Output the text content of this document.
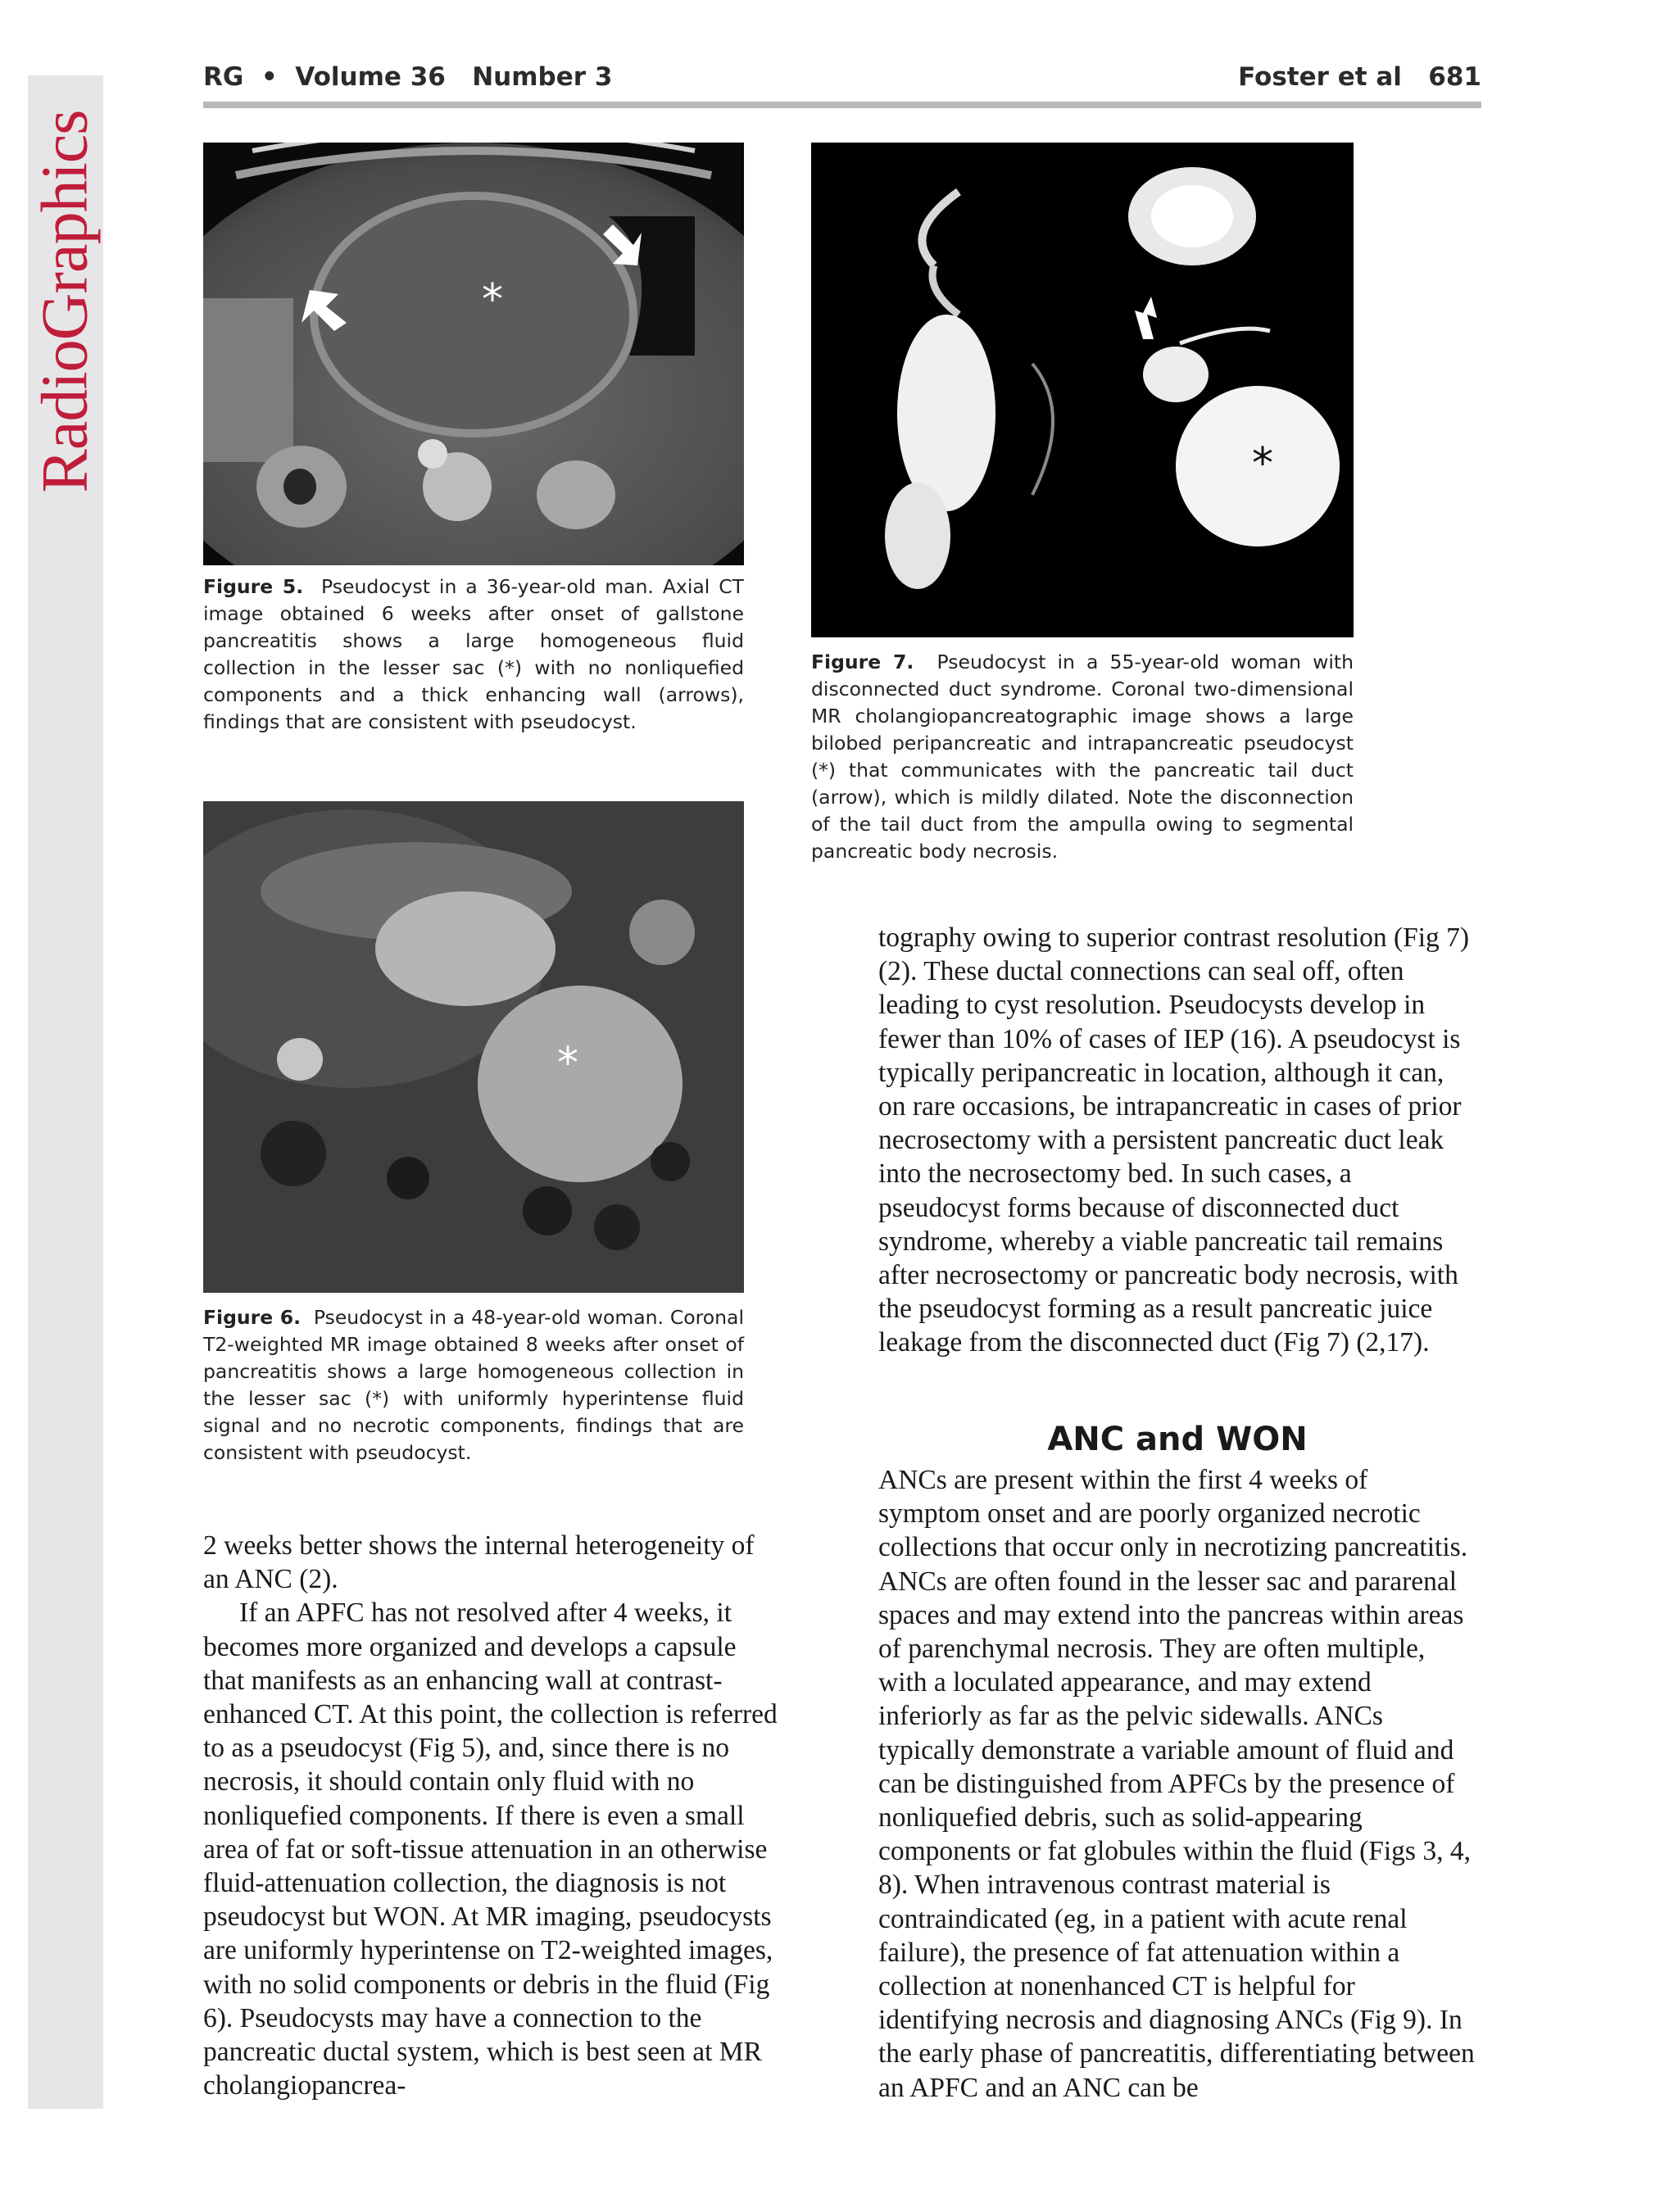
RadioGraphics
RG  •  Volume 36   Number 3	Foster et al   681
*
Figure 5. Pseudocyst in a 36-year-old man. Axial CT image obtained 6 weeks after onset of gallstone pancreatitis shows a large homogeneous fluid collection in the lesser sac (*) with no nonliquefied components and a thick enhancing wall (arrows), findings that are consistent with pseudocyst.
*
Figure 7. Pseudocyst in a 55-year-old woman with disconnected duct syndrome. Coronal two-dimensional MR cholangiopancreatographic image shows a large bilobed peripancreatic and intrapancreatic pseudocyst (*) that communicates with the pancreatic tail duct (arrow), which is mildly dilated. Note the disconnection of the tail duct from the ampulla owing to segmental pancreatic body necrosis.
*
Figure 6. Pseudocyst in a 48-year-old woman. Coronal T2-weighted MR image obtained 8 weeks after onset of pancreatitis shows a large homogeneous collection in the lesser sac (*) with uniformly hyperintense fluid signal and no necrotic components, findings that are consistent with pseudocyst.

2 weeks better shows the internal heterogeneity of an ANC (2).

If an APFC has not resolved after 4 weeks, it becomes more organized and develops a capsule that manifests as an enhancing wall at contrast-enhanced CT. At this point, the collection is referred to as a pseudocyst (Fig 5), and, since there is no necrosis, it should contain only fluid with no nonliquefied components. If there is even a small area of fat or soft-tissue attenuation in an otherwise fluid-attenuation collection, the diagnosis is not pseudocyst but WON. At MR imaging, pseudocysts are uniformly hyperintense on T2-weighted images, with no solid components or debris in the fluid (Fig 6). Pseudocysts may have a connection to the pancreatic ductal system, which is best seen at MR cholangiopancrea-

tography owing to superior contrast resolution (Fig 7) (2). These ductal connections can seal off, often leading to cyst resolution. Pseudocysts develop in fewer than 10% of cases of IEP (16). A pseudocyst is typically peripancreatic in location, although it can, on rare occasions, be intrapancreatic in cases of prior necrosectomy with a persistent pancreatic duct leak into the necrosectomy bed. In such cases, a pseudocyst forms because of disconnected duct syndrome, whereby a viable pancreatic tail remains after necrosectomy or pancreatic body necrosis, with the pseudocyst forming as a result pancreatic juice leakage from the disconnected duct (Fig 7) (2,17).

ANC and WON

ANCs are present within the first 4 weeks of symptom onset and are poorly organized necrotic collections that occur only in necrotizing pancreatitis. ANCs are often found in the lesser sac and pararenal spaces and may extend into the pancreas within areas of parenchymal necrosis. They are often multiple, with a loculated appearance, and may extend inferiorly as far as the pelvic sidewalls. ANCs typically demonstrate a variable amount of fluid and can be distinguished from APFCs by the presence of nonliquefied debris, such as solid-appearing components or fat globules within the fluid (Figs 3, 4, 8). When intravenous contrast material is contraindicated (eg, in a patient with acute renal failure), the presence of fat attenuation within a collection at nonenhanced CT is helpful for identifying necrosis and diagnosing ANCs (Fig 9). In the early phase of pancreatitis, differentiating between an APFC and an ANC can be
